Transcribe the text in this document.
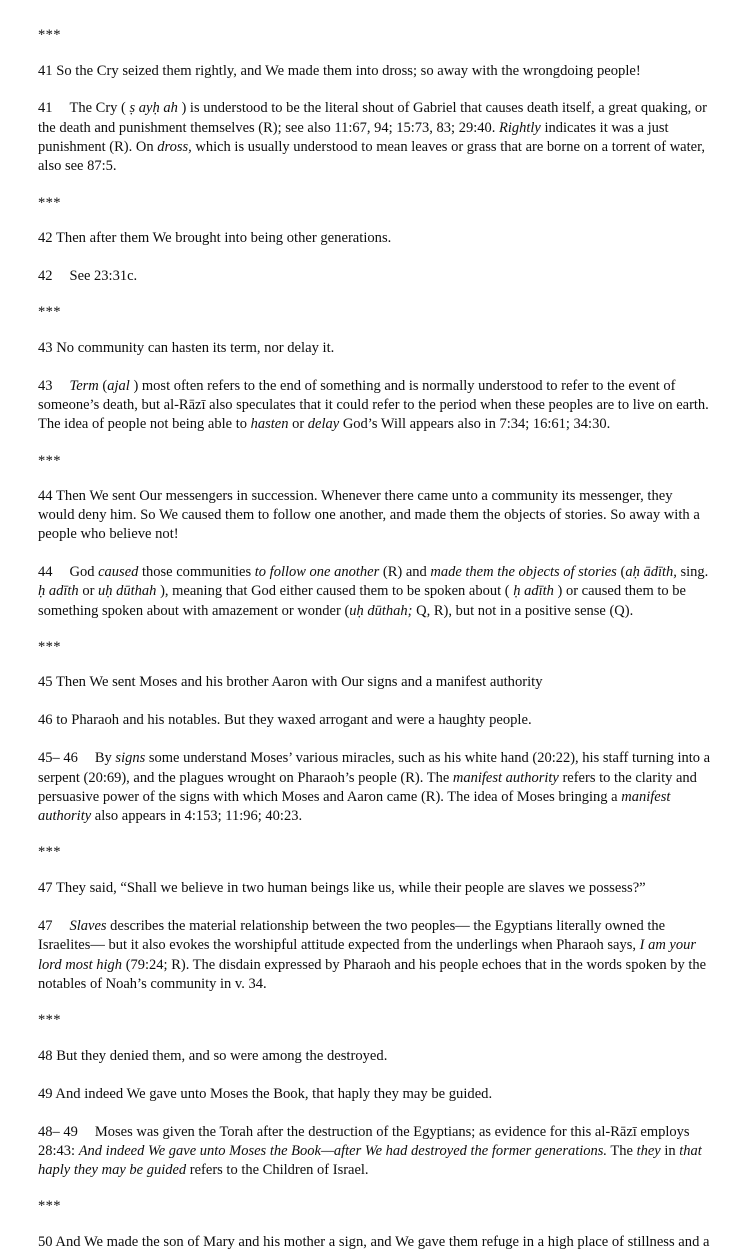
***

41 So the Cry seized them rightly, and We made them into dross; so away with the wrongdoing people!

41 The Cry ( ṣ ayḥ ah ) is understood to be the literal shout of Gabriel that causes death itself, a great quaking, or the death and punishment themselves (R); see also 11:67, 94; 15:73, 83; 29:40. Rightly indicates it was a just punishment (R). On dross, which is usually understood to mean leaves or grass that are borne on a torrent of water, also see 87:5.

***

42 Then after them We brought into being other generations.

42 See 23:31c.

***

43 No community can hasten its term, nor delay it.

43 Term (ajal ) most often refers to the end of something and is normally understood to refer to the event of someone’s death, but al-Rāzī also speculates that it could refer to the period when these peoples are to live on earth. The idea of people not being able to hasten or delay God’s Will appears also in 7:34; 16:61; 34:30.

***

44 Then We sent Our messengers in succession. Whenever there came unto a community its messenger, they would deny him. So We caused them to follow one another, and made them the objects of stories. So away with a people who believe not!

44 God caused those communities to follow one another (R) and made them the objects of stories (aḥ ādīth, sing. ḥ adīth or uḥ dūthah ), meaning that God either caused them to be spoken about ( ḥ adīth ) or caused them to be something spoken about with amazement or wonder (uḥ dūthah; Q, R), but not in a positive sense (Q).

***

45 Then We sent Moses and his brother Aaron with Our signs and a manifest authority

46 to Pharaoh and his notables. But they waxed arrogant and were a haughty people.

45– 46 By signs some understand Moses’ various miracles, such as his white hand (20:22), his staff turning into a serpent (20:69), and the plagues wrought on Pharaoh’s people (R). The manifest authority refers to the clarity and persuasive power of the signs with which Moses and Aaron came (R). The idea of Moses bringing a manifest authority also appears in 4:153; 11:96; 40:23.

***

47 They said, “Shall we believe in two human beings like us, while their people are slaves we possess?”

47 Slaves describes the material relationship between the two peoples— the Egyptians literally owned the Israelites— but it also evokes the worshipful attitude expected from the underlings when Pharaoh says, I am your lord most high (79:24; R). The disdain expressed by Pharaoh and his people echoes that in the words spoken by the notables of Noah’s community in v. 34.

***

48 But they denied them, and so were among the destroyed.

49 And indeed We gave unto Moses the Book, that haply they may be guided.

48– 49 Moses was given the Torah after the destruction of the Egyptians; as evidence for this al-Rāzī employs 28:43: And indeed We gave unto Moses the Book—after We had destroyed the former generations. The they in that haply they may be guided refers to the Children of Israel.

***

50 And We made the son of Mary and his mother a sign, and We gave them refuge in a high place of stillness and a
